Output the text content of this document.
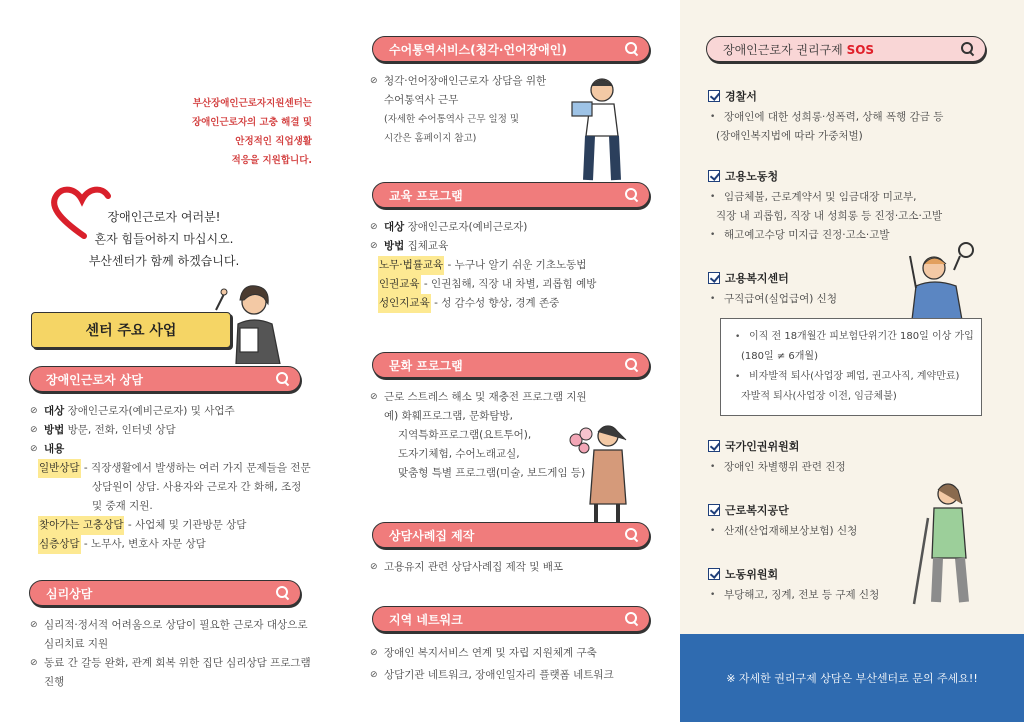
부산장애인근로자지원센터는
장애인근로자의 고충 해결 및
안정적인 직업생활
적응을 지원합니다.
장애인근로자 여러분!
혼자 힘들어하지 마십시오.
부산센터가 함께 하겠습니다.
센터 주요 사업
장애인근로자 상담
⊘ 대상
장애인근로자(예비근로자) 및 사업주
⊘ 방법
방문, 전화, 인터넷 상담
⊘ 내용
일반상담
- 직장생활에서 발생하는 여러 가지 문제들을 전문
상담원이 상담. 사용자와 근로자 간 화해, 조정
및 중재 지원.
찾아가는 고충상담
- 사업체 및 기관방문 상담
심층상담
- 노무사, 변호사 자문 상담
심리상담
⊘ 심리적·정서적 어려움으로 상담이 필요한 근로자 대상으로
심리치료 지원
⊘ 동료 간 갈등 완화, 관계 회복 위한 집단 심리상담 프로그램
진행
수어통역서비스(청각·언어장애인)
⊘ 청각·언어장애인근로자 상담을 위한
수어통역사 근무
(자세한 수어통역사 근무 일정 및
시간은 홈페이지 참고)
교육 프로그램
⊘ 대상
장애인근로자(예비근로자)
⊘ 방법
집체교육
노무·법률교육
- 누구나 알기 쉬운 기초노동법
인권교육
- 인권침해, 직장 내 차별, 괴롭힘 예방
성인지교육
- 성 감수성 향상, 경계 존중
문화 프로그램
⊘ 근로 스트레스 해소 및 재충전 프로그램 지원
예) 화훼프로그램, 문화탐방,
지역특화프로그램(요트투어),
도자기체험, 수어노래교실,
맞춤형 특별 프로그램(미술, 보드게임 등)
상담사례집 제작
⊘ 고용유지 관련 상담사례집 제작 및 배포
지역 네트워크
⊘ 장애인 복지서비스 연계 및 자립 지원체계 구축
⊘ 상담기관 네트워크, 장애인일자리 플랫폼 네트워크
장애인근로자 권리구제 SOS
경찰서
• 장애인에 대한 성희롱·성폭력, 상해 폭행 감금 등
(장애인복지법에 따라 가중처벌)
고용노동청
• 임금체불, 근로계약서 및 임금대장 미교부,
직장 내 괴롭힘, 직장 내 성희롱 등 진정·고소·고발
• 해고예고수당 미지급 진정·고소·고발
고용복지센터
• 구직급여(실업급여) 신청
• 이직 전 18개월간 피보험단위기간 180일 이상 가입
(180일 ≠ 6개월)
• 비자발적 퇴사(사업장 폐업, 권고사직, 계약만료)
자발적 퇴사(사업장 이전, 임금체불)
국가인권위원회
• 장애인 차별행위 관련 진정
근로복지공단
• 산재(산업재해보상보험) 신청
노동위원회
• 부당해고, 징계, 전보 등 구제 신청
※ 자세한 권리구제 상담은 부산센터로 문의 주세요!!
